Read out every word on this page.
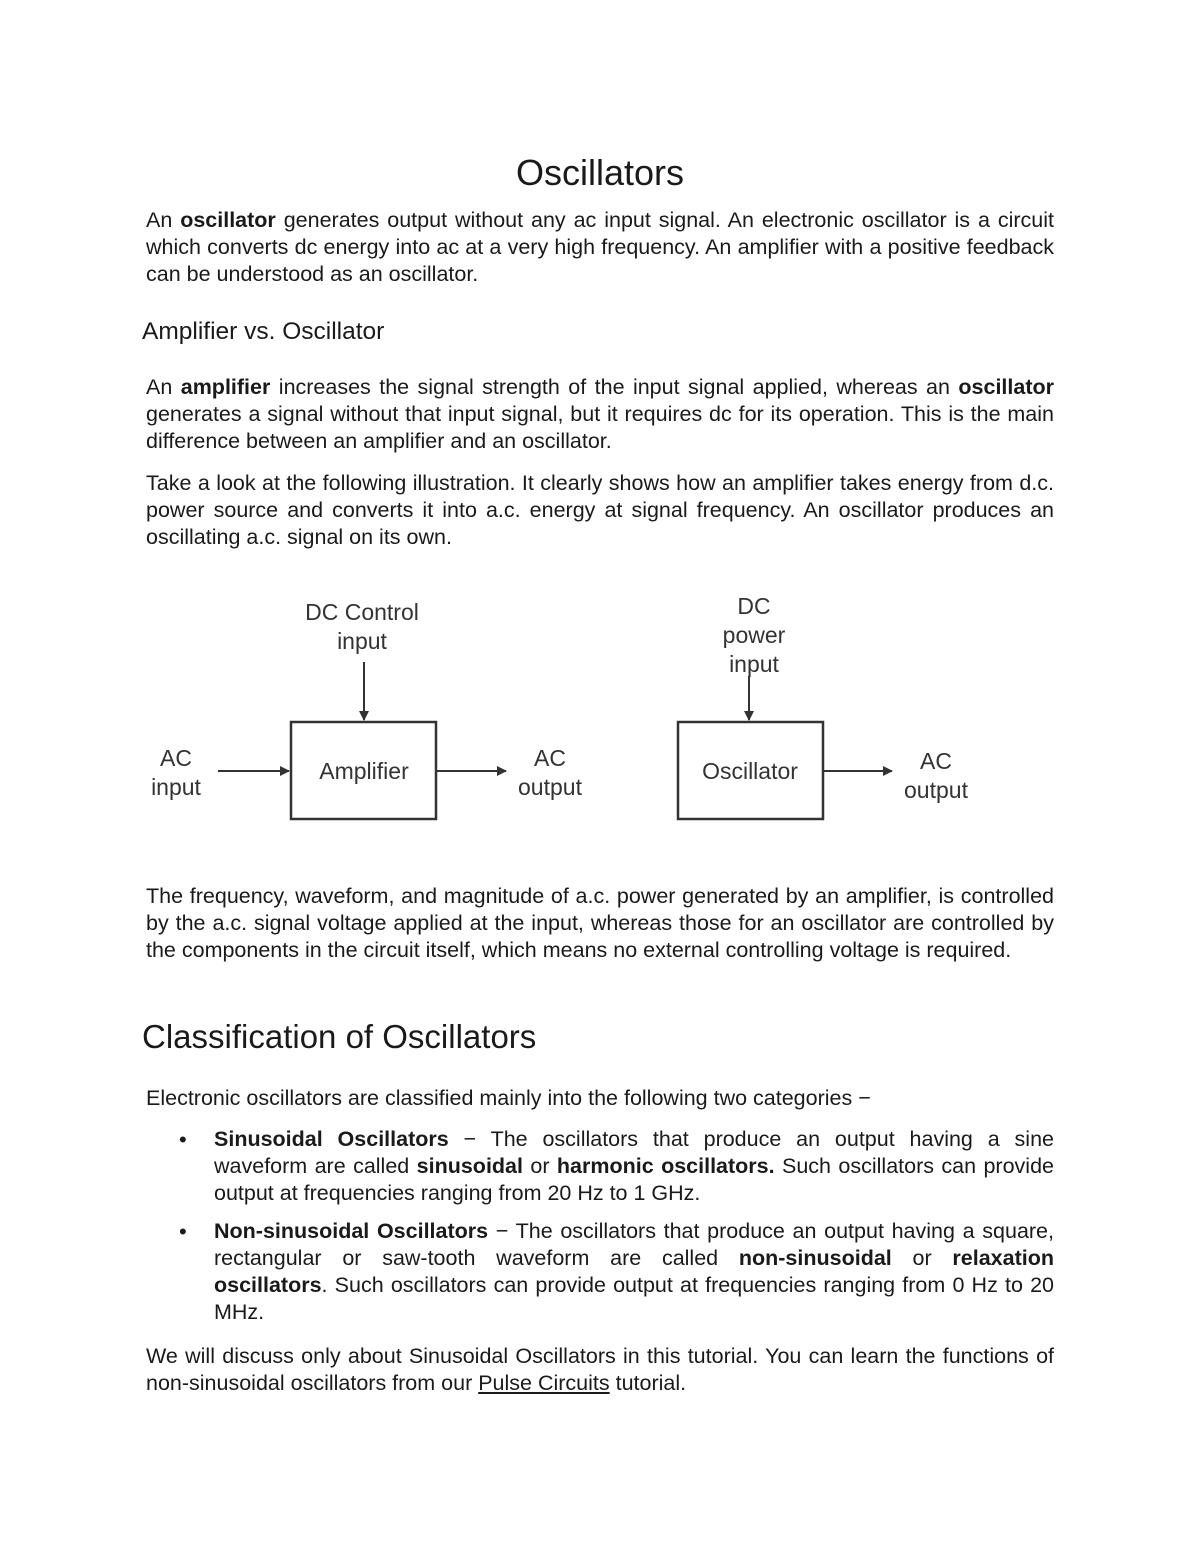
Oscillators

An oscillator generates output without any ac input signal. An electronic oscillator is a circuit which converts dc energy into ac at a very high frequency. An amplifier with a positive feedback can be understood as an oscillator.

Amplifier vs. Oscillator

An amplifier increases the signal strength of the input signal applied, whereas an oscillator generates a signal without that input signal, but it requires dc for its operation. This is the main difference between an amplifier and an oscillator.

Take a look at the following illustration. It clearly shows how an amplifier takes energy from d.c. power source and converts it into a.c. energy at signal frequency. An oscillator produces an oscillating a.c. signal on its own.

DC Control
input
AC
input
Amplifier	AC
output
DC
power
input
Oscillator	AC
output

The frequency, waveform, and magnitude of a.c. power generated by an amplifier, is controlled by the a.c. signal voltage applied at the input, whereas those for an oscillator are controlled by the components in the circuit itself, which means no external controlling voltage is required.

Classification of Oscillators

Electronic oscillators are classified mainly into the following two categories −

• Sinusoidal Oscillators − The oscillators that produce an output having a sine waveform are called sinusoidal or harmonic oscillators. Such oscillators can provide output at frequencies ranging from 20 Hz to 1 GHz.
• Non-sinusoidal Oscillators − The oscillators that produce an output having a square, rectangular or saw-tooth waveform are called non-sinusoidal or relaxation oscillators. Such oscillators can provide output at frequencies ranging from 0 Hz to 20 MHz.

We will discuss only about Sinusoidal Oscillators in this tutorial. You can learn the functions of non-sinusoidal oscillators from our Pulse Circuits tutorial.
